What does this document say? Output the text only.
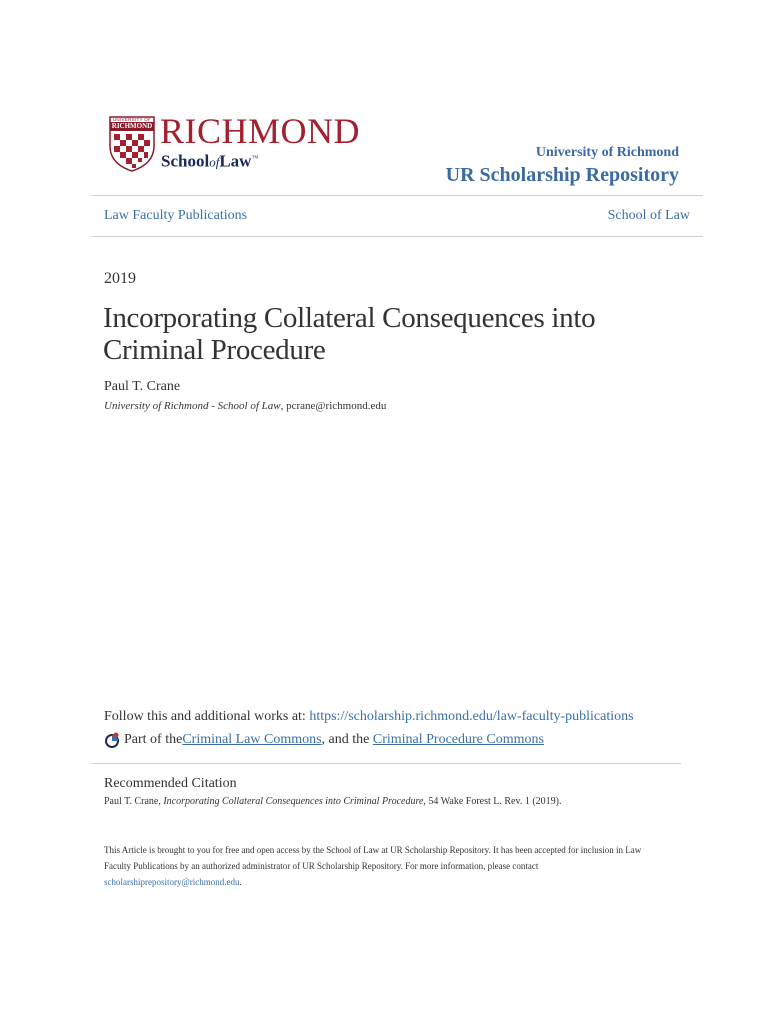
UNIVERSITY OF
RICHMOND RICHMOND
SchoolofLaw™	University of Richmond
UR Scholarship Repository
Law Faculty Publications	School of Law
2019
Incorporating Collateral Consequences into Criminal Procedure
Paul T. Crane
University of Richmond - School of Law, pcrane@richmond.edu
Follow this and additional works at: https://scholarship.richmond.edu/law-faculty-publications
Part of the Criminal Law Commons , and the Criminal Procedure Commons
Recommended Citation
Paul T. Crane, Incorporating Collateral Consequences into Criminal Procedure, 54 Wake Forest L. Rev. 1 (2019).
This Article is brought to you for free and open access by the School of Law at UR Scholarship Repository. It has been accepted for inclusion in Law Faculty Publications by an authorized administrator of UR Scholarship Repository. For more information, please contact scholarshiprepository@richmond.edu.
